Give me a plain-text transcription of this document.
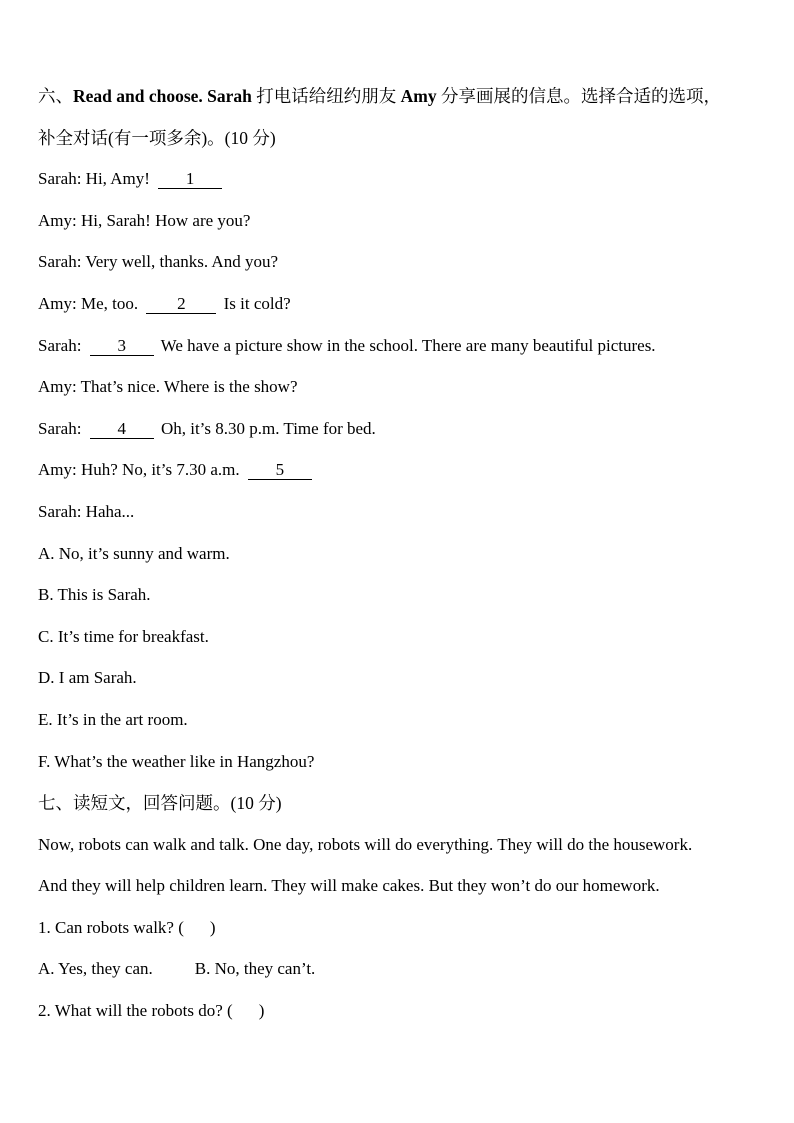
六、Read and choose. Sarah 打电话给纽约朋友 Amy 分享画展的信息。选择合适的选项，
补全对话(有一项多余)。(10 分)
Sarah: Hi, Amy! 1
Amy: Hi, Sarah! How are you?
Sarah: Very well, thanks. And you?
Amy: Me, too. 2 Is it cold?
Sarah: 3 We have a picture show in the school. There are many beautiful pictures.
Amy: That’s nice. Where is the show?
Sarah: 4 Oh, it’s 8.30 p.m. Time for bed.
Amy: Huh? No, it’s 7.30 a.m. 5
Sarah: Haha...
A. No, it’s sunny and warm.
B. This is Sarah.
C. It’s time for breakfast.
D. I am Sarah.
E. It’s in the art room.
F. What’s the weather like in Hangzhou?
七、读短文，回答问题。(10 分)
Now, robots can walk and talk. One day, robots will do everything. They will do the housework.
And they will help children learn. They will make cakes. But they won’t do our homework.
1. Can robots walk? ( )
A. Yes, they can. B. No, they can’t.
2. What will the robots do? ( )
